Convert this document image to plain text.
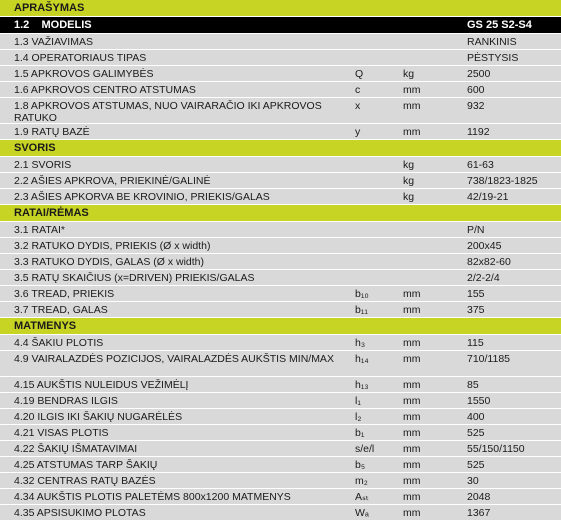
APRAŠYMAS
1.2    MODELIS	GS 25 S2-S4
1.3 VAŽIAVIMAS	RANKINIS
1.4 OPERATORIAUS TIPAS	PĖSTYSIS
1.5 APKROVOS GALIMYBĖS	Q	kg	2500
1.6 APKROVOS CENTRO ATSTUMAS	c	mm	600
1.8 APKROVOS ATSTUMAS, NUO VAIRARAČIO IKI APKROVOS RATUKO
x	mm	932
1.9 RATŲ BAZĖ	y	mm	1192
SVORIS
2.1 SVORIS	kg	61-63
2.2 AŠIES APKROVA, PRIEKINĖ/GALINĖ	kg	738/1823-1825
2.3 AŠIES APKORVA BE KROVINIO, PRIEKIS/GALAS	kg	42/19-21
RATAI/RĖMAS
3.1 RATAI*	P/N
3.2 RATUKO DYDIS, PRIEKIS (Ø x width)	200x45
3.3 RATUKO DYDIS, GALAS (Ø x width)	82x82-60
3.5 RATŲ SKAIČIUS (x=DRIVEN) PRIEKIS/GALAS	2/2-2/4
3.6 TREAD, PRIEKIS	b₁₀	mm	155
3.7 TREAD, GALAS	b₁₁	mm	375
MATMENYS
4.4 ŠAKIU PLOTIS	h₃	mm	115
4.9 VAIRALAZDĖS POZICIJOS, VAIRALAZDĖS AUKŠTIS MIN/MAX	h₁₄	mm	710/1185
4.15 AUKŠTIS NULEIDUS VEŽIMĖLĮ	h₁₃	mm	85
4.19 BENDRAS ILGIS	l₁	mm	1550
4.20 ILGIS IKI ŠAKIŲ NUGARĖLĖS	l₂	mm	400
4.21 VISAS PLOTIS	b₁	mm	525
4.22 ŠAKIŲ IŠMATAVIMAI	s/e/l	mm	55/150/1150
4.25 ATSTUMAS TARP ŠAKIŲ	b₅	mm	525
4.32 CENTRAS RATŲ BAZĖS	m₂	mm	30
4.34 AUKŠTIS PLOTIS PALETĖMS 800x1200 MATMENYS	Aₛₜ	mm	2048
4.35 APSISUKIMO PLOTAS	Wₐ	mm	1367
